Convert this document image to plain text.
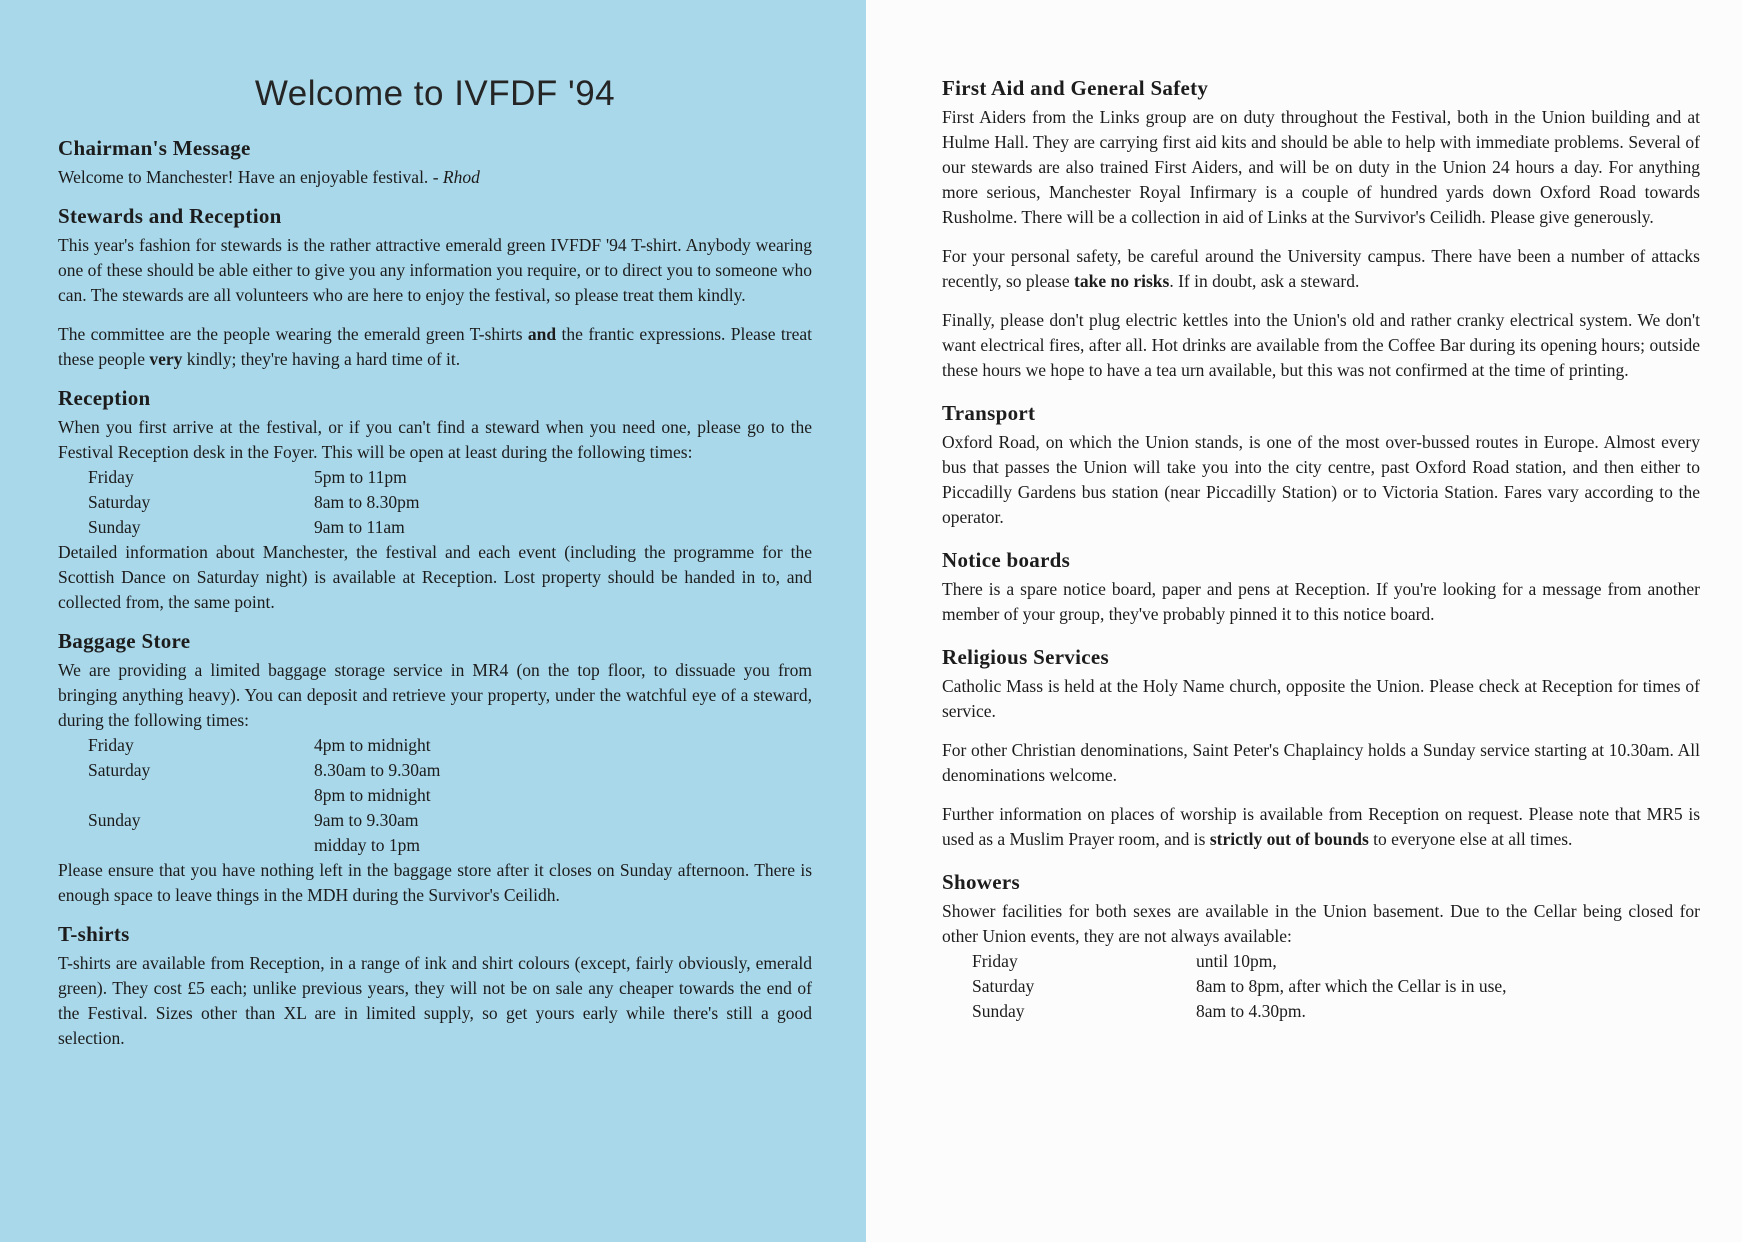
Welcome to IVFDF '94
Chairman's Message

Welcome to Manchester! Have an enjoyable festival. - Rhod

Stewards and Reception

This year's fashion for stewards is the rather attractive emerald green IVFDF '94 T-shirt. Anybody wearing one of these should be able either to give you any information you require, or to direct you to someone who can. The stewards are all volunteers who are here to enjoy the festival, so please treat them kindly.

The committee are the people wearing the emerald green T-shirts and the frantic expressions. Please treat these people very kindly; they're having a hard time of it.

Reception

When you first arrive at the festival, or if you can't find a steward when you need one, please go to the Festival Reception desk in the Foyer. This will be open at least during the following times:

Friday	5pm to 11pm
Saturday	8am to 8.30pm
Sunday	9am to 11am

Detailed information about Manchester, the festival and each event (including the programme for the Scottish Dance on Saturday night) is available at Reception. Lost property should be handed in to, and collected from, the same point.

Baggage Store

We are providing a limited baggage storage service in MR4 (on the top floor, to dissuade you from bringing anything heavy). You can deposit and retrieve your property, under the watchful eye of a steward, during the following times:

Friday	4pm to midnight
Saturday	8.30am to 9.30am
8pm to midnight
Sunday	9am to 9.30am
midday to 1pm

Please ensure that you have nothing left in the baggage store after it closes on Sunday afternoon. There is enough space to leave things in the MDH during the Survivor's Ceilidh.

T-shirts

T-shirts are available from Reception, in a range of ink and shirt colours (except, fairly obviously, emerald green). They cost £5 each; unlike previous years, they will not be on sale any cheaper towards the end of the Festival. Sizes other than XL are in limited supply, so get yours early while there's still a good selection.

First Aid and General Safety

First Aiders from the Links group are on duty throughout the Festival, both in the Union building and at Hulme Hall. They are carrying first aid kits and should be able to help with immediate problems. Several of our stewards are also trained First Aiders, and will be on duty in the Union 24 hours a day. For anything more serious, Manchester Royal Infirmary is a couple of hundred yards down Oxford Road towards Rusholme. There will be a collection in aid of Links at the Survivor's Ceilidh. Please give generously.

For your personal safety, be careful around the University campus. There have been a number of attacks recently, so please take no risks. If in doubt, ask a steward.

Finally, please don't plug electric kettles into the Union's old and rather cranky electrical system. We don't want electrical fires, after all. Hot drinks are available from the Coffee Bar during its opening hours; outside these hours we hope to have a tea urn available, but this was not confirmed at the time of printing.

Transport

Oxford Road, on which the Union stands, is one of the most over-bussed routes in Europe. Almost every bus that passes the Union will take you into the city centre, past Oxford Road station, and then either to Piccadilly Gardens bus station (near Piccadilly Station) or to Victoria Station. Fares vary according to the operator.

Notice boards

There is a spare notice board, paper and pens at Reception. If you're looking for a message from another member of your group, they've probably pinned it to this notice board.

Religious Services

Catholic Mass is held at the Holy Name church, opposite the Union. Please check at Reception for times of service.

For other Christian denominations, Saint Peter's Chaplaincy holds a Sunday service starting at 10.30am. All denominations welcome.

Further information on places of worship is available from Reception on request. Please note that MR5 is used as a Muslim Prayer room, and is strictly out of bounds to everyone else at all times.

Showers

Shower facilities for both sexes are available in the Union basement. Due to the Cellar being closed for other Union events, they are not always available:

Friday	until 10pm,
Saturday	8am to 8pm, after which the Cellar is in use,
Sunday	8am to 4.30pm.
